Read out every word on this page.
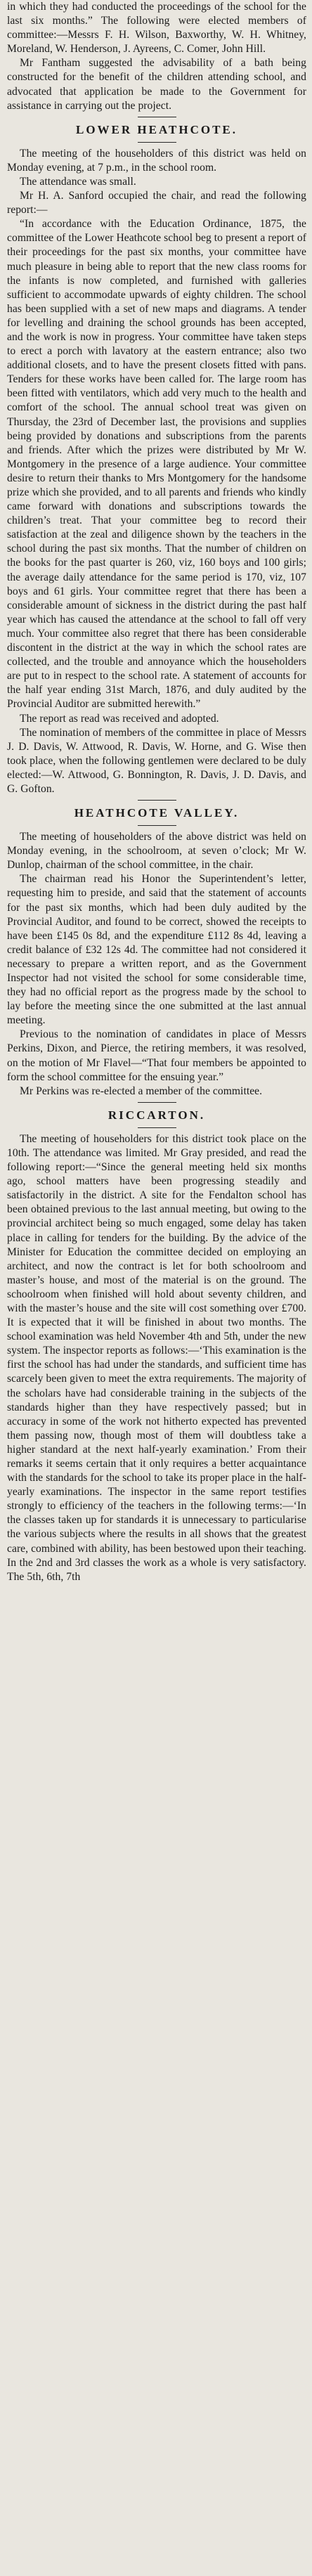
in which they had conducted the proceedings of the school for the last six months.” The following were elected members of committee:—Messrs F. H. Wilson, Baxworthy, W. H. Whitney, Moreland, W. Henderson, J. Ayreens, C. Comer, John Hill.

Mr Fantham suggested the advisability of a bath being constructed for the benefit of the children attending school, and advocated that application be made to the Government for assistance in carrying out the project.

LOWER HEATHCOTE.

The meeting of the householders of this district was held on Monday evening, at 7 p.m., in the school room.

The attendance was small.

Mr H. A. Sanford occupied the chair, and read the following report:—

“In accordance with the Education Ordinance, 1875, the committee of the Lower Heathcote school beg to present a report of their proceedings for the past six months, your committee have much pleasure in being able to report that the new class rooms for the infants is now completed, and furnished with galleries sufficient to accommodate upwards of eighty children. The school has been supplied with a set of new maps and diagrams. A tender for levelling and draining the school grounds has been accepted, and the work is now in progress. Your committee have taken steps to erect a porch with lavatory at the eastern entrance; also two additional closets, and to have the present closets fitted with pans. Tenders for these works have been called for. The large room has been fitted with ventilators, which add very much to the health and comfort of the school. The annual school treat was given on Thursday, the 23rd of December last, the provisions and supplies being provided by donations and subscriptions from the parents and friends. After which the prizes were distributed by Mr W. Montgomery in the presence of a large audience. Your committee desire to return their thanks to Mrs Montgomery for the handsome prize which she provided, and to all parents and friends who kindly came forward with donations and subscriptions towards the children’s treat. That your committee beg to record their satisfaction at the zeal and diligence shown by the teachers in the school during the past six months. That the number of children on the books for the past quarter is 260, viz, 160 boys and 100 girls; the average daily attendance for the same period is 170, viz, 107 boys and 61 girls. Your committee regret that there has been a considerable amount of sickness in the district during the past half year which has caused the attendance at the school to fall off very much. Your committee also regret that there has been considerable discontent in the district at the way in which the school rates are collected, and the trouble and annoyance which the householders are put to in respect to the school rate. A statement of accounts for the half year ending 31st March, 1876, and duly audited by the Provincial Auditor are submitted herewith.”

The report as read was received and adopted.

The nomination of members of the committee in place of Messrs J. D. Davis, W. Attwood, R. Davis, W. Horne, and G. Wise then took place, when the following gentlemen were declared to be duly elected:—W. Attwood, G. Bonnington, R. Davis, J. D. Davis, and G. Gofton.

HEATHCOTE VALLEY.

The meeting of householders of the above district was held on Monday evening, in the schoolroom, at seven o’clock; Mr W. Dunlop, chairman of the school committee, in the chair.

The chairman read his Honor the Superintendent’s letter, requesting him to preside, and said that the statement of accounts for the past six months, which had been duly audited by the Provincial Auditor, and found to be correct, showed the receipts to have been £145 0s 8d, and the expenditure £112 8s 4d, leaving a credit balance of £32 12s 4d. The committee had not considered it necessary to prepare a written report, and as the Government Inspector had not visited the school for some considerable time, they had no official report as the progress made by the school to lay before the meeting since the one submitted at the last annual meeting.

Previous to the nomination of candidates in place of Messrs Perkins, Dixon, and Pierce, the retiring members, it was resolved, on the motion of Mr Flavel—“That four members be appointed to form the school committee for the ensuing year.”

Mr Perkins was re-elected a member of the committee.

RICCARTON.

The meeting of householders for this district took place on the 10th. The attendance was limited. Mr Gray presided, and read the following report:—“Since the general meeting held six months ago, school matters have been progressing steadily and satisfactorily in the district. A site for the Fendalton school has been obtained previous to the last annual meeting, but owing to the provincial architect being so much engaged, some delay has taken place in calling for tenders for the building. By the advice of the Minister for Education the committee decided on employing an architect, and now the contract is let for both schoolroom and master’s house, and most of the material is on the ground. The schoolroom when finished will hold about seventy children, and with the master’s house and the site will cost something over £700. It is expected that it will be finished in about two months. The school examination was held November 4th and 5th, under the new system. The inspector reports as follows:—‘This examination is the first the school has had under the standards, and sufficient time has scarcely been given to meet the extra requirements. The majority of the scholars have had considerable training in the subjects of the standards higher than they have respectively passed; but in accuracy in some of the work not hitherto expected has prevented them passing now, though most of them will doubtless take a higher standard at the next half-yearly examination.’ From their remarks it seems certain that it only requires a better acquaintance with the standards for the school to take its proper place in the half-yearly examinations. The inspector in the same report testifies strongly to efficiency of the teachers in the following terms:—‘In the classes taken up for standards it is unnecessary to particularise the various subjects where the results in all shows that the greatest care, combined with ability, has been bestowed upon their teaching. In the 2nd and 3rd classes the work as a whole is very satisfactory. The 5th, 6th, 7th
